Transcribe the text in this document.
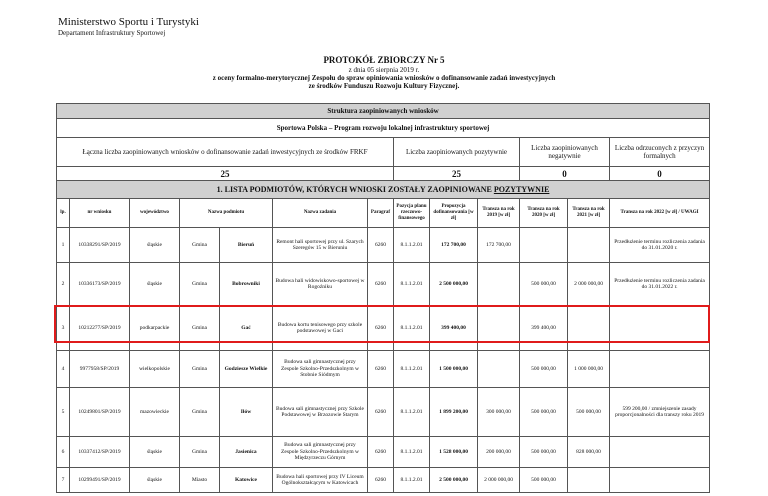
Ministerstwo Sportu i Turystyki
Departament Infrastruktury Sportowej
PROTOKÓŁ ZBIORCZY Nr 5
z dnia 05 sierpnia 2019 r.
z oceny formalno-merytorycznej Zespołu do spraw opiniowania wniosków o dofinansowanie zadań inwestycyjnych
ze środków Funduszu Rozwoju Kultury Fizycznej.
Struktura zaopiniowanych wniosków												
Sportowa Polska – Program rozwoju lokalnej infrastruktury sportowej												
Łączna liczba zaopiniowanych wniosków o dofinansowanie zadań inwestycyjnych ze środków FRKF							Liczba zaopiniowanych pozytywnie			Liczba zaopiniowanych negatywnie		Liczba odrzuconych z przyczyn formalnych
25							25			0		0
1. LISTA PODMIOTÓW, KTÓRYCH WNIOSKI ZOSTAŁY ZAOPINIOWANE POZYTYWNIE												
lp.	nr wniosku	województwo	Nazwa podmiotu		Nazwa zadania	Paragraf	Pozycja planu rzeczowo-finansowego	Propozycja dofinansowania [w zł]	Transza na rok 2019 [w zł]	Transza na rok 2020 [w zł]	Transza na rok 2021 [w zł]	Transza na rok 2022 [w zł] / UWAGI
1	10338291/SP/2019	śląskie	Gmina	Bieruń	Remont hali sportowej przy ul. Szarych Szeregów 15 w Bieruniu	6260	8.1.1.2.01	172 700,00	172 700,00			Przedłużenie terminu rozliczenia zadania do 31.01.2020 r.
2	10336173/SP/2019	śląskie	Gmina	Bobrowniki	Budowa hali widowiskowo-sportowej w Rogoźniku	6260	8.1.1.2.01	2 500 000,00		500 000,00	2 000 000,00	Przedłużenie terminu rozliczenia zadania do 31.01.2022 r.
3	10212277/SP/2019	podkarpackie	Gmina	Gać	Budowa kortu tenisowego przy szkole podstawowej w Gaci	6260	8.1.1.2.01	399 400,00		399 400,00		
4	9977958/SP/2019	wielkopolskie	Gmina	Godziesze Wielkie	Budowa sali gimnastycznej przy Zespole Szkolno-Przedszkolnym w Stobnie Siódmym	6260	8.1.1.2.01	1 500 000,00		500 000,00	1 000 000,00	
5	10249801/SP/2019	mazowieckie	Gmina	Iłów	Budowa sali gimnastycznej przy Szkole Podstawowej w Brzozowie Starym	6260	8.1.1.2.01	1 899 200,00	300 000,00	500 000,00	500 000,00	599 200,00 / zmniejszenie zasady proporcjonalności dla transzy roku 2019
6	10337412/SP/2019	śląskie	Gmina	Jasienica	Budowa sali gimnastycznej przy Zespole Szkolno-Przedszkolnym w Międzyrzeczu Górnym	6260	8.1.1.2.01	1 528 000,00	200 000,00	500 000,00	828 000,00	
7	10299491/SP/2019	śląskie	Miasto	Katowice	Budowa hali sportowej przy IV Liceum Ogólnokształcącym w Katowicach	6260	8.1.1.2.01	2 500 000,00	2 000 000,00	500 000,00		
